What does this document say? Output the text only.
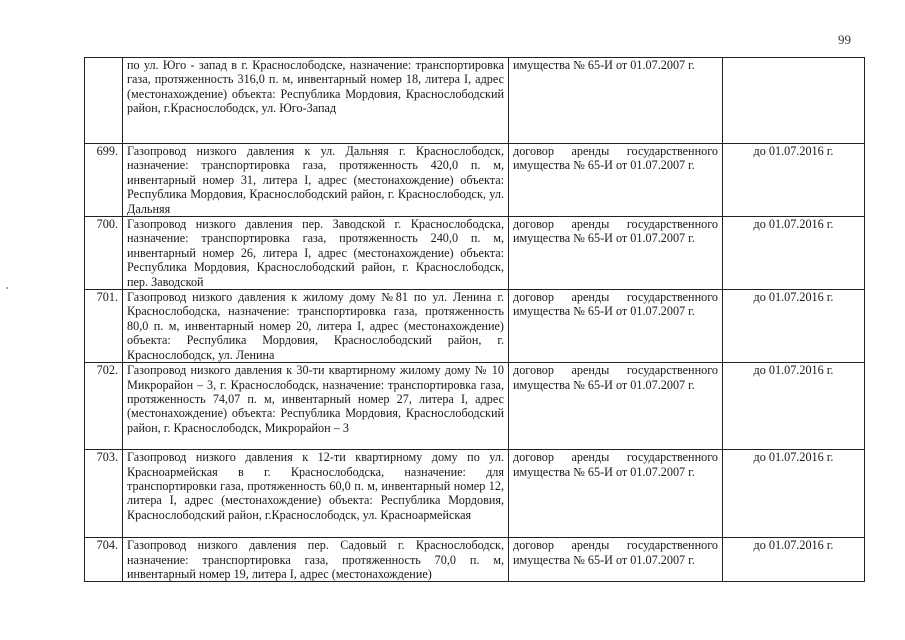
99
	по ул. Юго - запад в г. Краснослободске, назначение: транспортировка газа, протяженность 316,0 п. м, инвентарный номер 18, литера I, адрес (местонахождение) объекта: Республика Мордовия, Краснослободский район, г.Краснослободск, ул. Юго-Запад	имущества № 65-И от 01.07.2007 г.	
699.	Газопровод низкого давления к ул. Дальняя г. Краснослободск, назначение: транспортировка газа, протяженность 420,0 п. м, инвентарный номер 31, литера I, адрес (местонахождение) объекта: Республика Мордовия, Краснослободский район, г. Краснослободск, ул. Дальняя	договор аренды государственного имущества № 65-И от 01.07.2007 г.	до 01.07.2016 г.
700.	Газопровод низкого давления пер. Заводской г. Краснослободска, назначение: транспортировка газа, протяженность 240,0 п. м, инвентарный номер 26, литера I, адрес (местонахождение) объекта: Республика Мордовия, Краснослободский район, г. Краснослободск, пер. Заводской	договор аренды государственного имущества № 65-И от 01.07.2007 г.	до 01.07.2016 г.
701.	Газопровод низкого давления к жилому дому №81 по ул. Ленина г. Краснослободска, назначение: транспортировка газа, протяженность 80,0 п. м, инвентарный номер 20, литера I, адрес (местонахождение) объекта: Республика Мордовия, Краснослободский район, г. Краснослободск, ул. Ленина	договор аренды государственного имущества № 65-И от 01.07.2007 г.	до 01.07.2016 г.
702.	Газопровод низкого давления к 30-ти квартирному жилому дому № 10 Микрорайон – 3, г. Краснослободск, назначение: транспортировка газа, протяженность 74,07 п. м, инвентарный номер 27, литера I, адрес (местонахождение) объекта: Республика Мордовия, Краснослободский район, г. Краснослободск, Микрорайон – 3	договор аренды государственного имущества № 65-И от 01.07.2007 г.	до 01.07.2016 г.
703.	Газопровод низкого давления к 12-ти квартирному дому по ул. Красноармейская в г. Краснослободска, назначение: для транспортировки газа, протяженность 60,0 п. м, инвентарный номер 12, литера I, адрес (местонахождение) объекта: Республика Мордовия, Краснослободский район, г.Краснослободск, ул. Красноармейская	договор аренды государственного имущества № 65-И от 01.07.2007 г.	до 01.07.2016 г.
704.	Газопровод низкого давления пер. Садовый г. Краснослободск, назначение: транспортировка газа, протяженность 70,0 п. м, инвентарный номер 19, литера I, адрес (местонахождение)	договор аренды государственного имущества № 65-И от 01.07.2007 г.	до 01.07.2016 г.
